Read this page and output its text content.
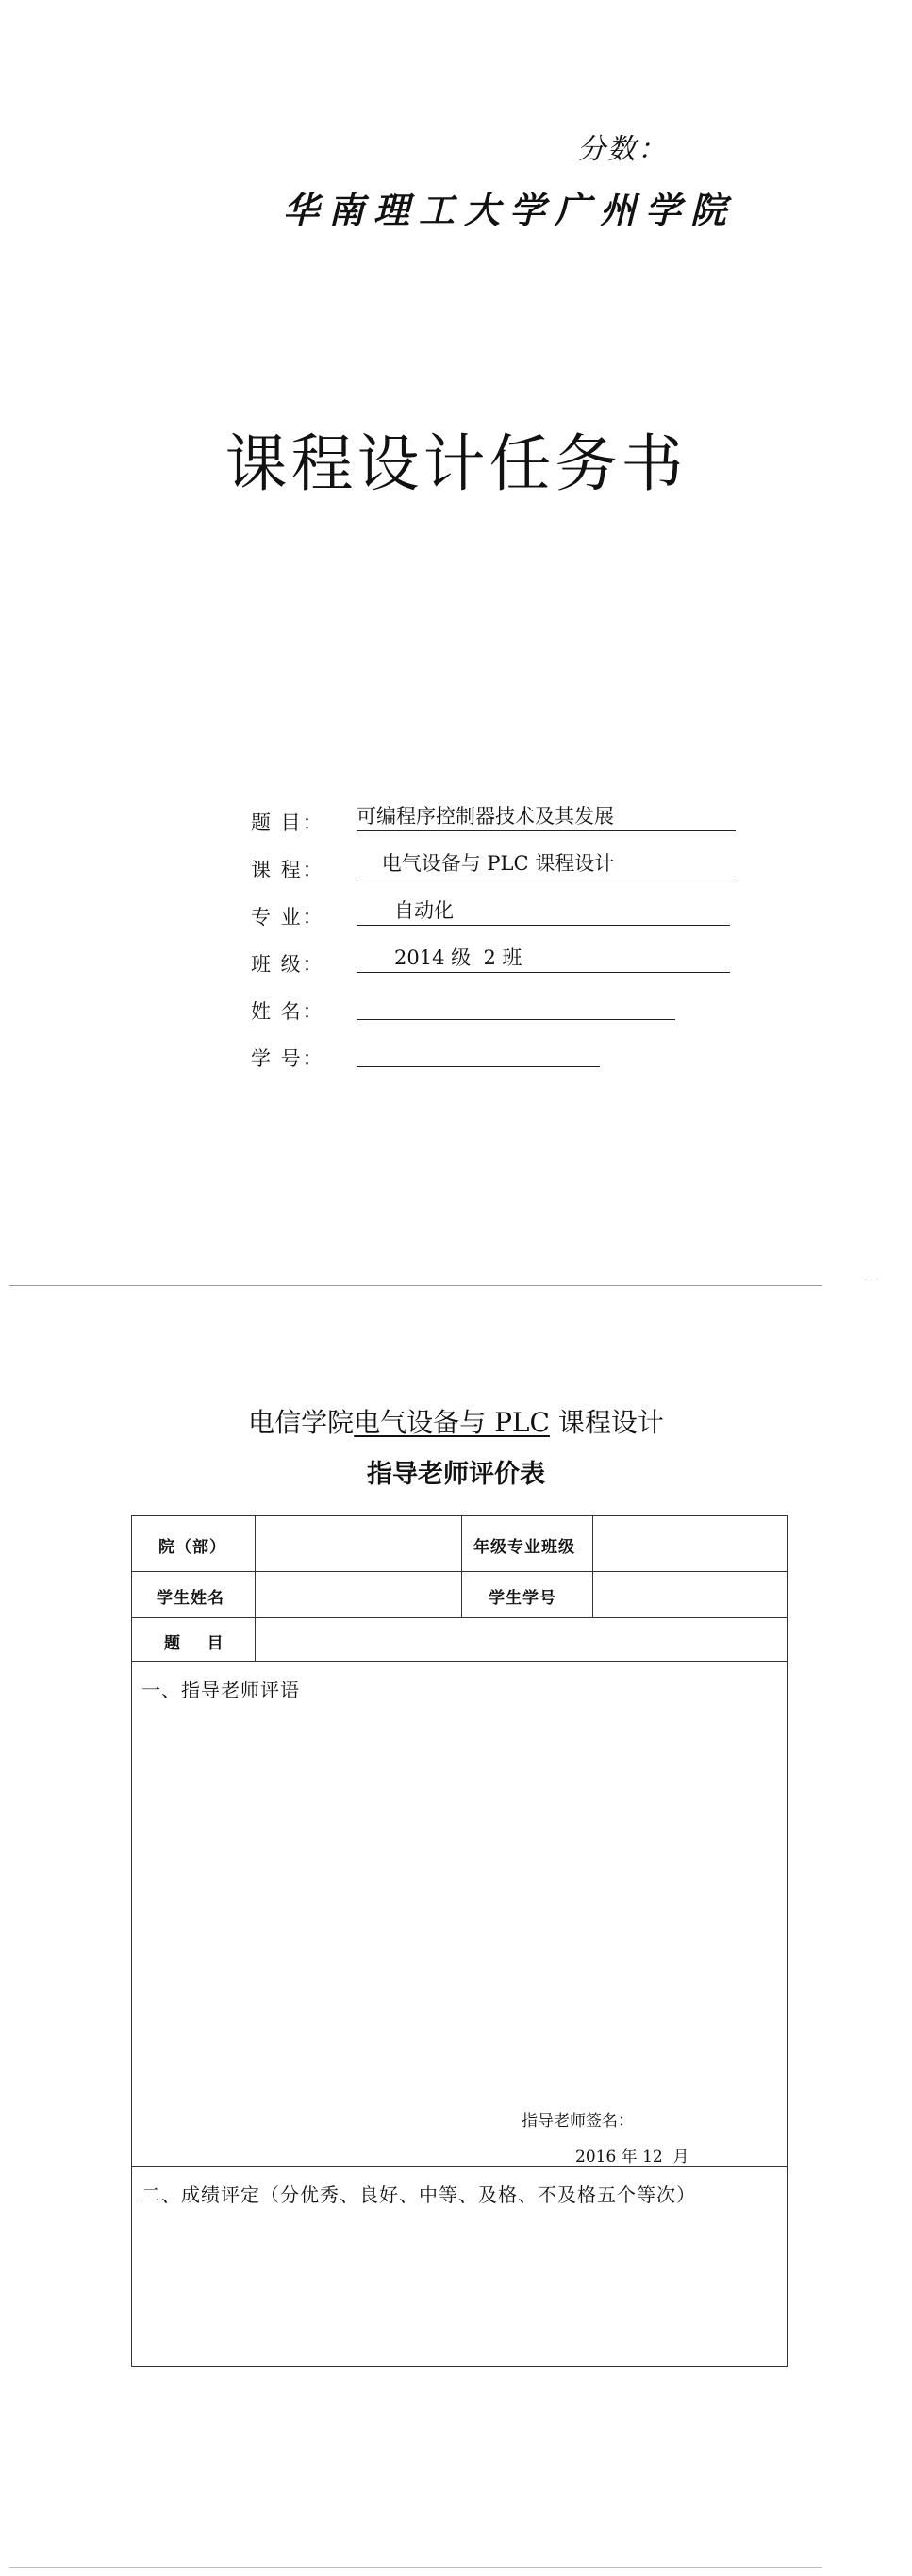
分数：
华南理工大学广州学院
课程设计任务书
题 目： 可编程序控制器技术及其发展
课 程： 电气设备与 PLC 课程设计
专 业： 自动化
班 级： 2014 级  2 班
姓 名：
学 号：
· · ·
电信学院电气设备与 PLC 课程设计
指导老师评价表
院（部）	年级专业班级
学生姓名	学生学号
题    目
一、指导老师评语
指导老师签名：
2016 年 12  月
二、成绩评定（分优秀、良好、中等、及格、不及格五个等次）
